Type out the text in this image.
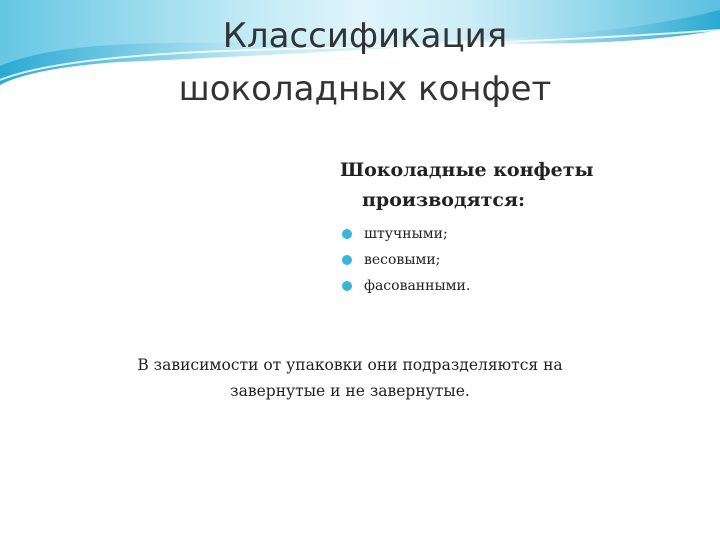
Классификация
шоколадных конфет
Шоколадные конфеты
производятся:
штучными;
весовыми;
фасованными.

В зависимости от упаковки они подразделяются на
завернутые и не завернутые.
